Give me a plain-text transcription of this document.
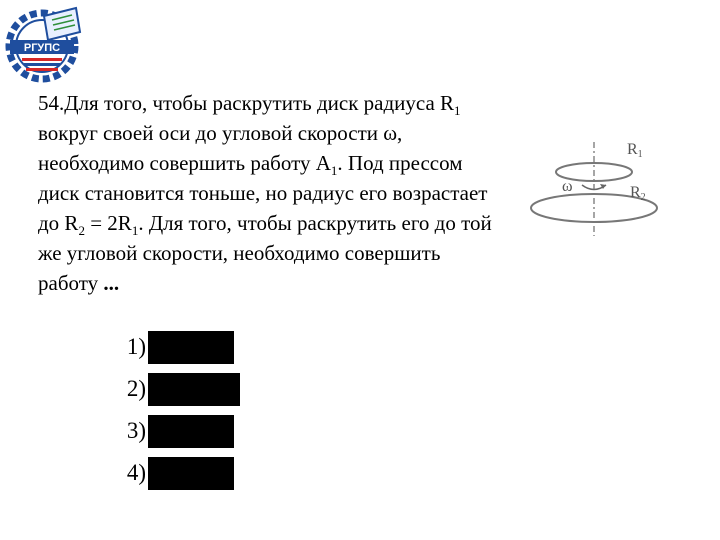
РГУПС

54.Для того, чтобы раскрутить диск радиуса $R_1$ вокруг своей оси до угловой скорости ω, необходимо совершить работу $А_1$. Под прессом диск становится тоньше, но радиус его возрастает до $R_2 = 2R_1$. Для того, чтобы раскрутить его до той же угловой скорости, необходимо совершить работу ...

1)
2)
3)
4)
ω
R1
R2
